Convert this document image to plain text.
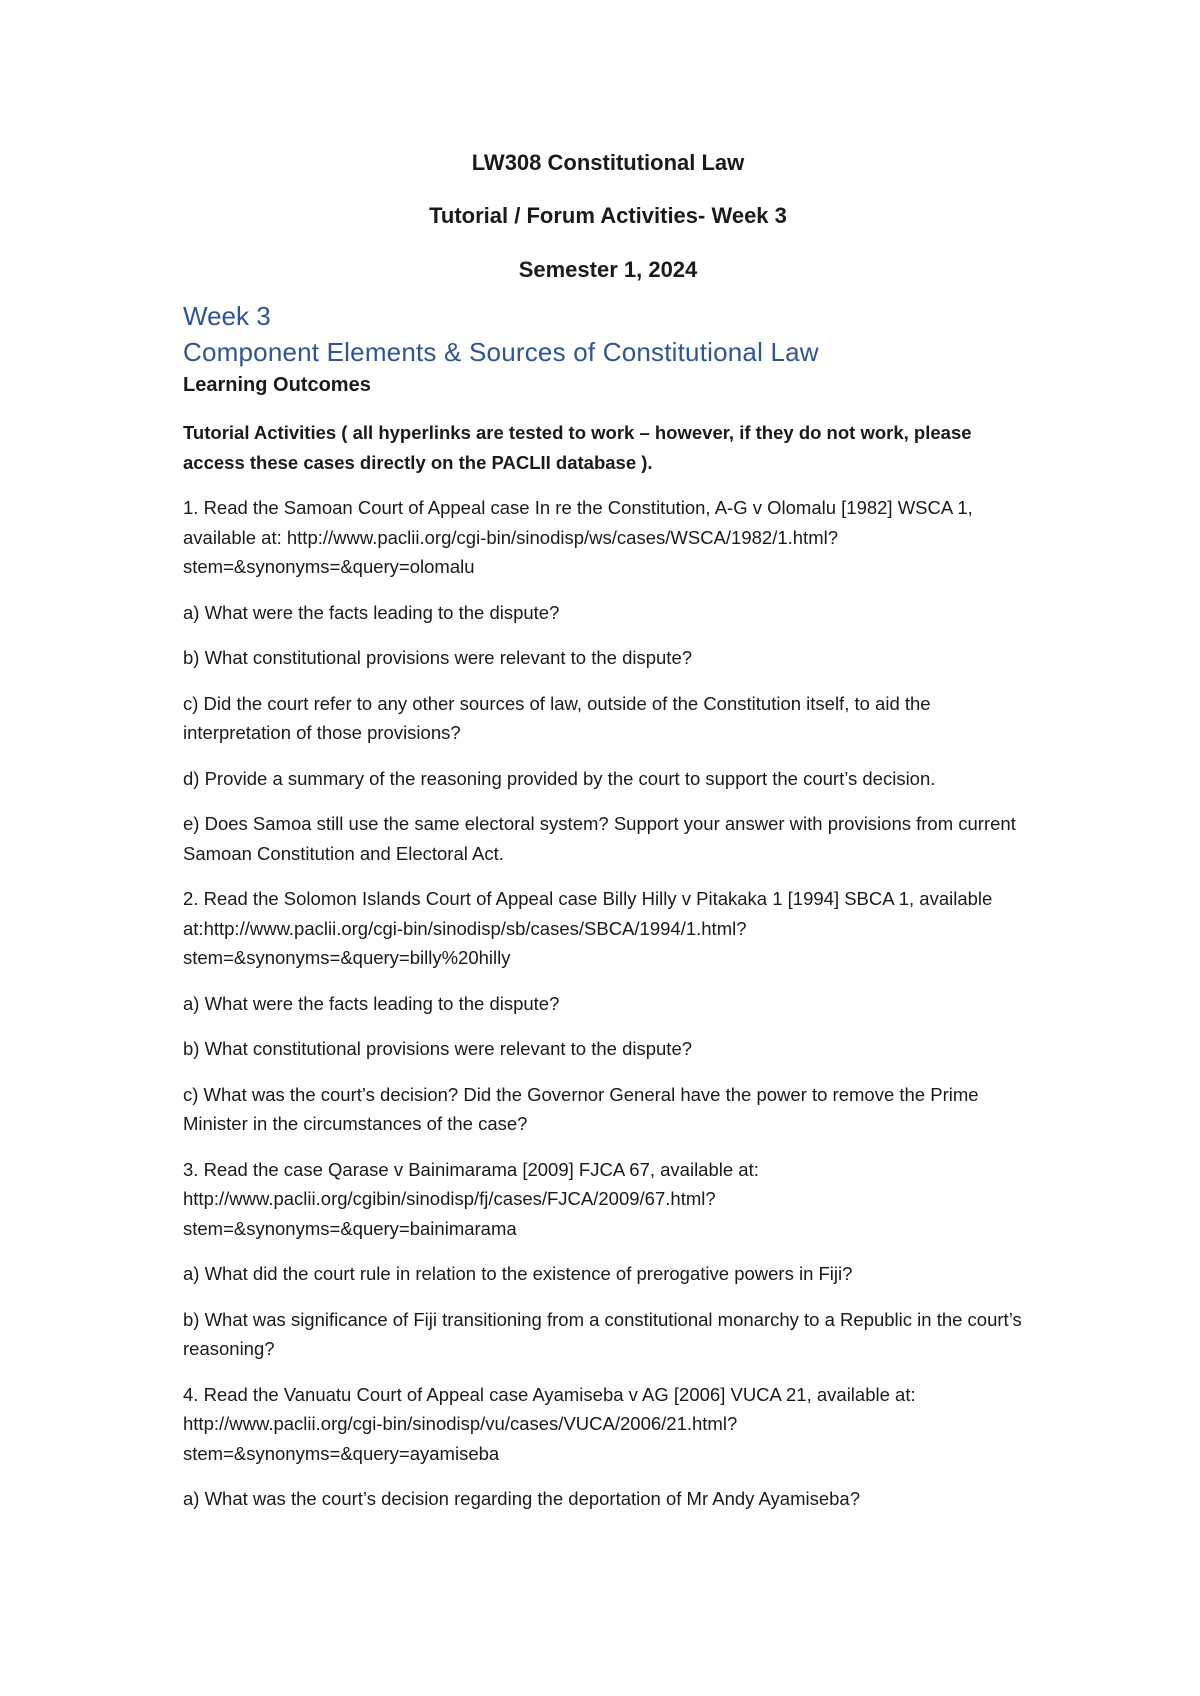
LW308 Constitutional Law

Tutorial / Forum Activities- Week 3

Semester 1, 2024

Week 3
Component Elements & Sources of Constitutional Law
Learning Outcomes

Tutorial Activities ( all hyperlinks are tested to work – however, if they do not work, please access these cases directly on the PACLII database ).

1. Read the Samoan Court of Appeal case In re the Constitution, A-G v Olomalu [1982] WSCA 1, available at: http://www.paclii.org/cgi-bin/sinodisp/ws/cases/WSCA/1982/1.html?stem=&synonyms=&query=olomalu

a) What were the facts leading to the dispute?

b) What constitutional provisions were relevant to the dispute?

c) Did the court refer to any other sources of law, outside of the Constitution itself, to aid the interpretation of those provisions?

d) Provide a summary of the reasoning provided by the court to support the court’s decision.

e) Does Samoa still use the same electoral system? Support your answer with provisions from current Samoan Constitution and Electoral Act.

2. Read the Solomon Islands Court of Appeal case Billy Hilly v Pitakaka 1 [1994] SBCA 1, available at:http://www.paclii.org/cgi-bin/sinodisp/sb/cases/SBCA/1994/1.html?stem=&synonyms=&query=billy%20hilly

a) What were the facts leading to the dispute?

b) What constitutional provisions were relevant to the dispute?

c) What was the court’s decision? Did the Governor General have the power to remove the Prime Minister in the circumstances of the case?

3. Read the case Qarase v Bainimarama [2009] FJCA 67, available at: http://www.paclii.org/cgibin/sinodisp/fj/cases/FJCA/2009/67.html?stem=&synonyms=&query=bainimarama

a) What did the court rule in relation to the existence of prerogative powers in Fiji?

b) What was significance of Fiji transitioning from a constitutional monarchy to a Republic in the court’s reasoning?

4. Read the Vanuatu Court of Appeal case Ayamiseba v AG [2006] VUCA 21, available at: http://www.paclii.org/cgi-bin/sinodisp/vu/cases/VUCA/2006/21.html?stem=&synonyms=&query=ayamiseba

a) What was the court’s decision regarding the deportation of Mr Andy Ayamiseba?
